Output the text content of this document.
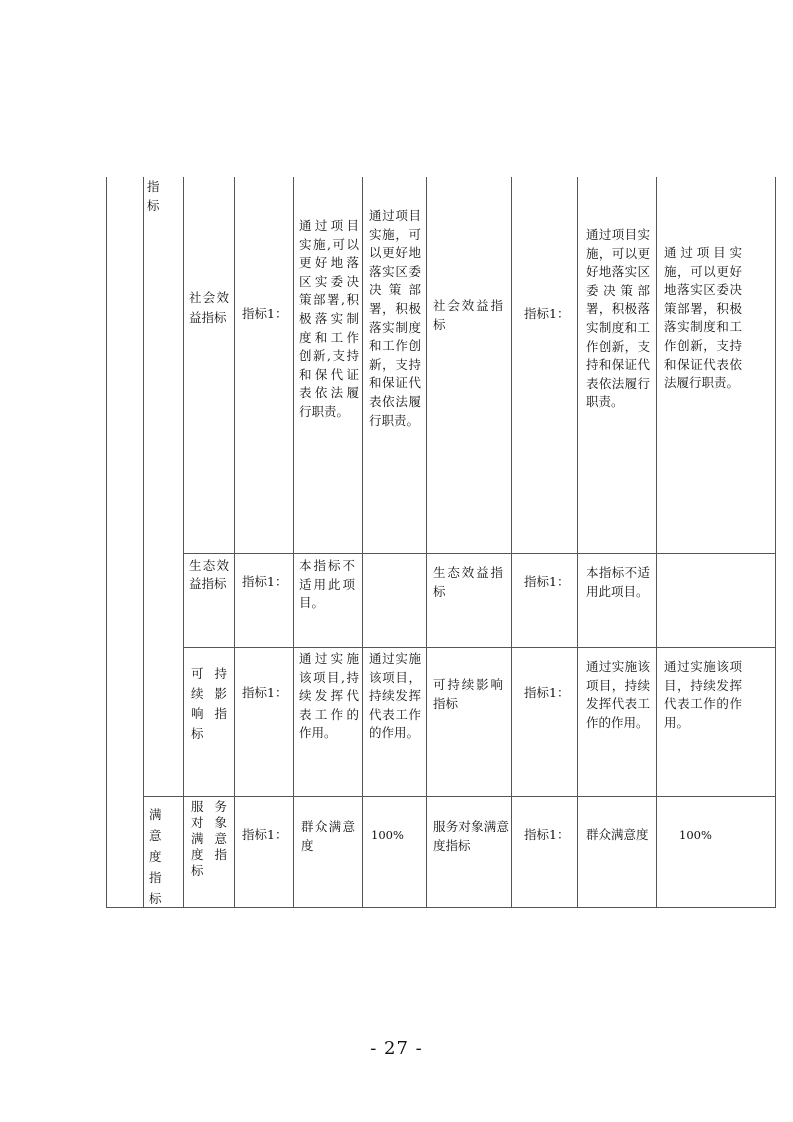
指标
满意度指标
社会效益指标 指标1：
通过项目实施,可以更好地落区实委决策部署,积极落实制度和工作创新,支持和保代证表依法履行职责。
通过项目实施，可以更好地落实区委决策部署，积极落实制度和工作创新，支持和保证代表依法履行职责。
社会效益指标
指标1：
通过项目实施，可以更好地落实区委决策部署，积极落实制度和工作创新，支持和保证代表依法履行职责。
通过项目实施，可以更好地落实区委决策部署，积极落实制度和工作创新，支持和保证代表依法履行职责。
生态效益指标 指标1：
本指标不适用此项目。
生态效益指标
指标1：
本指标不适用此项目。
可持续影响指标
指标1：
通过实施该项目,持续发挥代表工作的作用。
通过实施该项目，持续发挥代表工作的作用。
可持续影响 指标
指标1：
通过实施该项目，持续发挥代表工作的作用。
通过实施该项目，持续发挥代表工作的作 用。
服务对象满意度指标
指标1：
群众满意度
100%
服务对象满意度指标
指标1：	群众满意度	100%
- 27 -
